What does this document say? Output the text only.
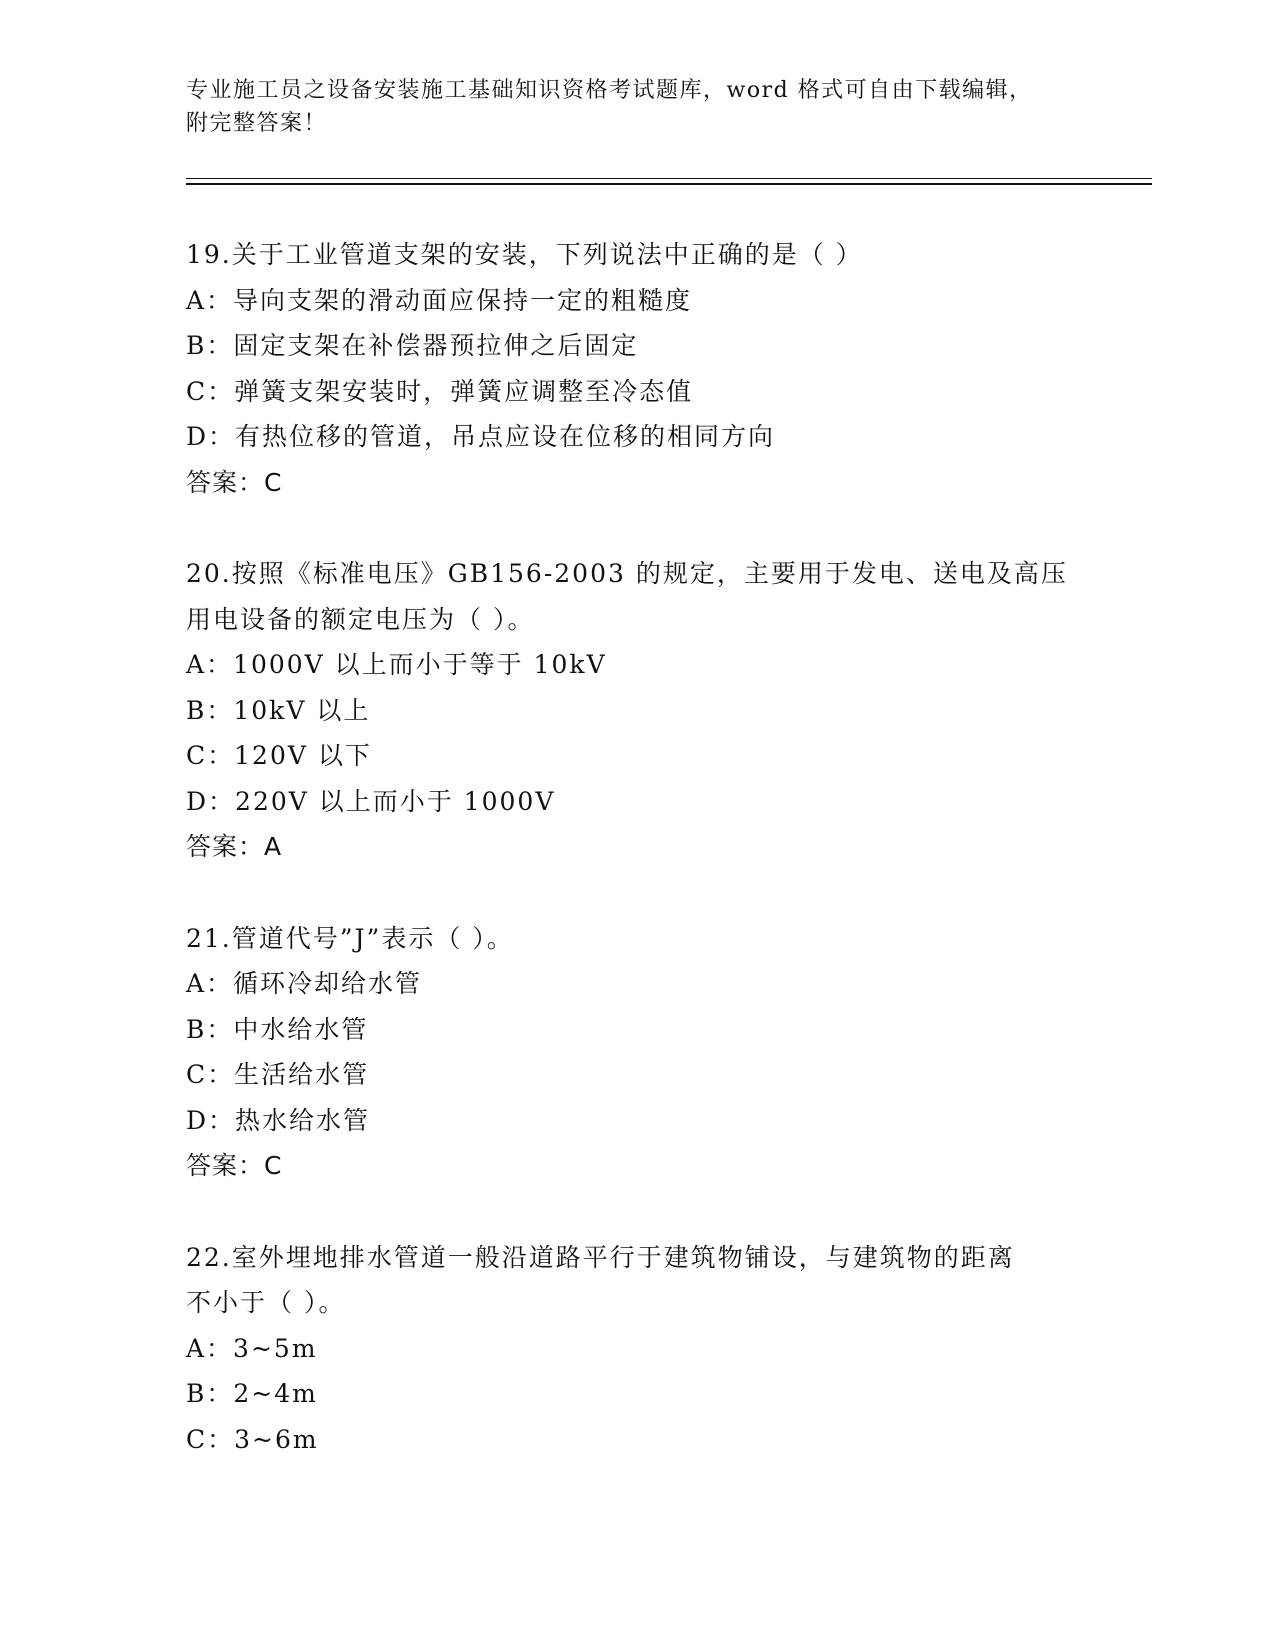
专业施工员之设备安装施工基础知识资格考试题库，word 格式可自由下载编辑，
附完整答案！
19.关于工业管道支架的安装，下列说法中正确的是（ ）
A：导向支架的滑动面应保持一定的粗糙度
B：固定支架在补偿器预拉伸之后固定
C：弹簧支架安装时，弹簧应调整至冷态值
D：有热位移的管道，吊点应设在位移的相同方向
答案：C
20.按照《标准电压》GB156-2003 的规定，主要用于发电、送电及高压
用电设备的额定电压为（ ）。
A：1000V 以上而小于等于 10kV
B：10kV 以上
C：120V 以下
D：220V 以上而小于 1000V
答案：A
21.管道代号”J”表示（ ）。
A：循环冷却给水管
B：中水给水管
C：生活给水管
D：热水给水管
答案：C
22.室外埋地排水管道一般沿道路平行于建筑物铺设，与建筑物的距离
不小于（ ）。
A：3~5m
B：2~4m
C：3~6m
